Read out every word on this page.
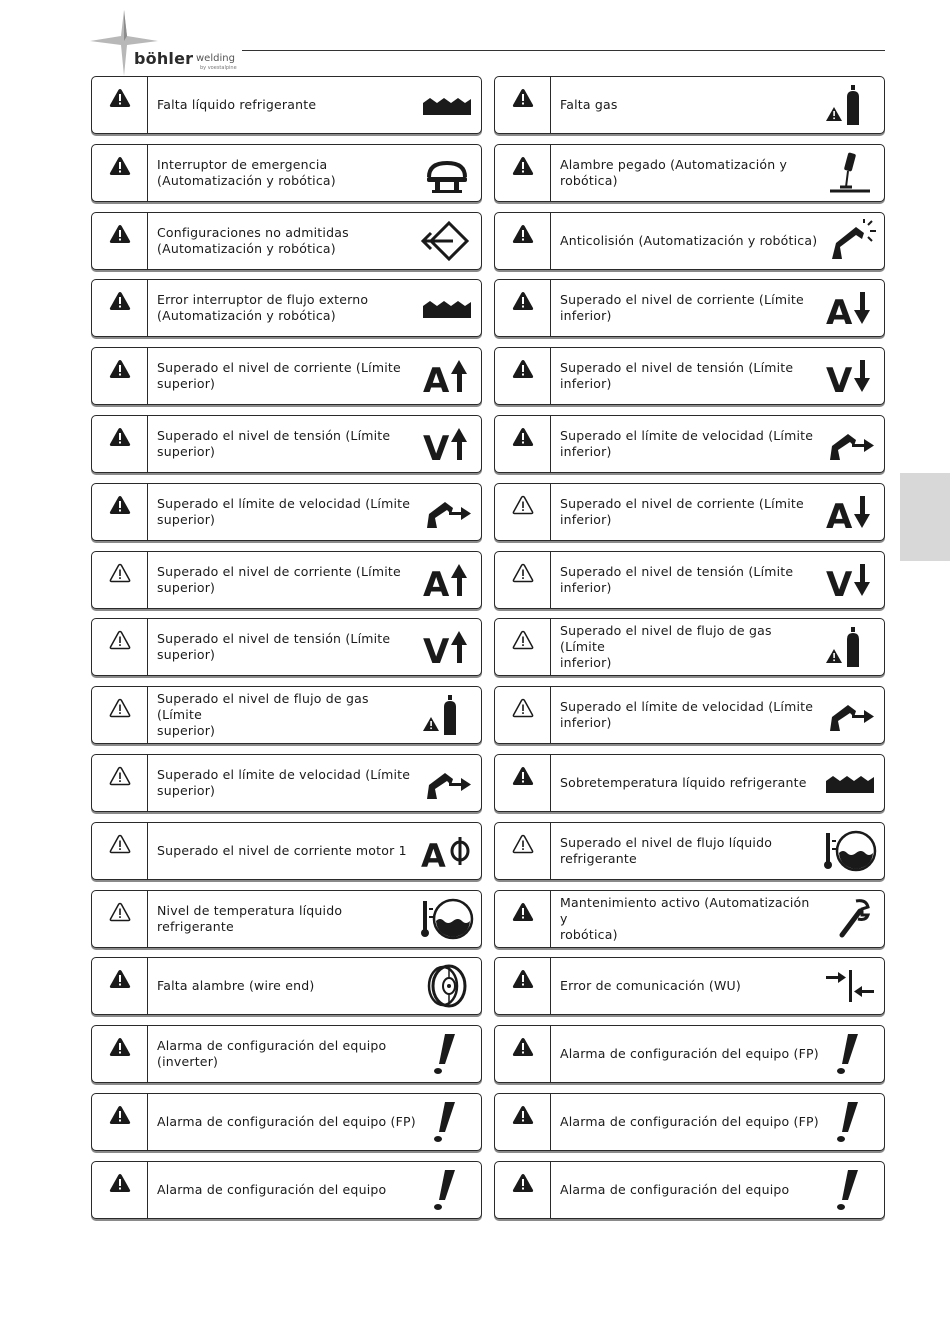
böhler welding
by voestalpine
Falta líquido refrigerante	Falta gas
Interruptor de emergencia
(Automatización y robótica)
Alambre pegado (Automatización y
robótica)
Configuraciones no admitidas
(Automatización y robótica)
Anticolisión (Automatización y robótica)
Error interruptor de flujo externo
(Automatización y robótica)
Superado el nivel de corriente (Límite
inferior)	A
Superado el nivel de corriente (Límite
superior)	A	Superado el nivel de tensión (Límite
inferior)	V
Superado el nivel de tensión (Límite
superior)	V	Superado el límite de velocidad (Límite
inferior)
Superado el límite de velocidad (Límite
superior)
Superado el nivel de corriente (Límite
inferior)	A
Superado el nivel de corriente (Límite
superior)	A	Superado el nivel de tensión (Límite
inferior)	V
Superado el nivel de tensión (Límite
superior)	V
Superado el nivel de flujo de gas (Límite
inferior)
Superado el nivel de flujo de gas (Límite
superior)
Superado el límite de velocidad (Límite
inferior)
Superado el límite de velocidad (Límite
superior)
Sobretemperatura líquido refrigerante
Superado el nivel de corriente motor 1 A	Superado el nivel de flujo líquido
refrigerante
Nivel de temperatura líquido
refrigerante
Mantenimiento activo (Automatización y
robótica)
Falta alambre (wire end)	Error de comunicación (WU)
Alarma de configuración del equipo
(inverter)
Alarma de configuración del equipo (FP)
Alarma de configuración del equipo (FP)	Alarma de configuración del equipo (FP)
Alarma de configuración del equipo	Alarma de configuración del equipo
